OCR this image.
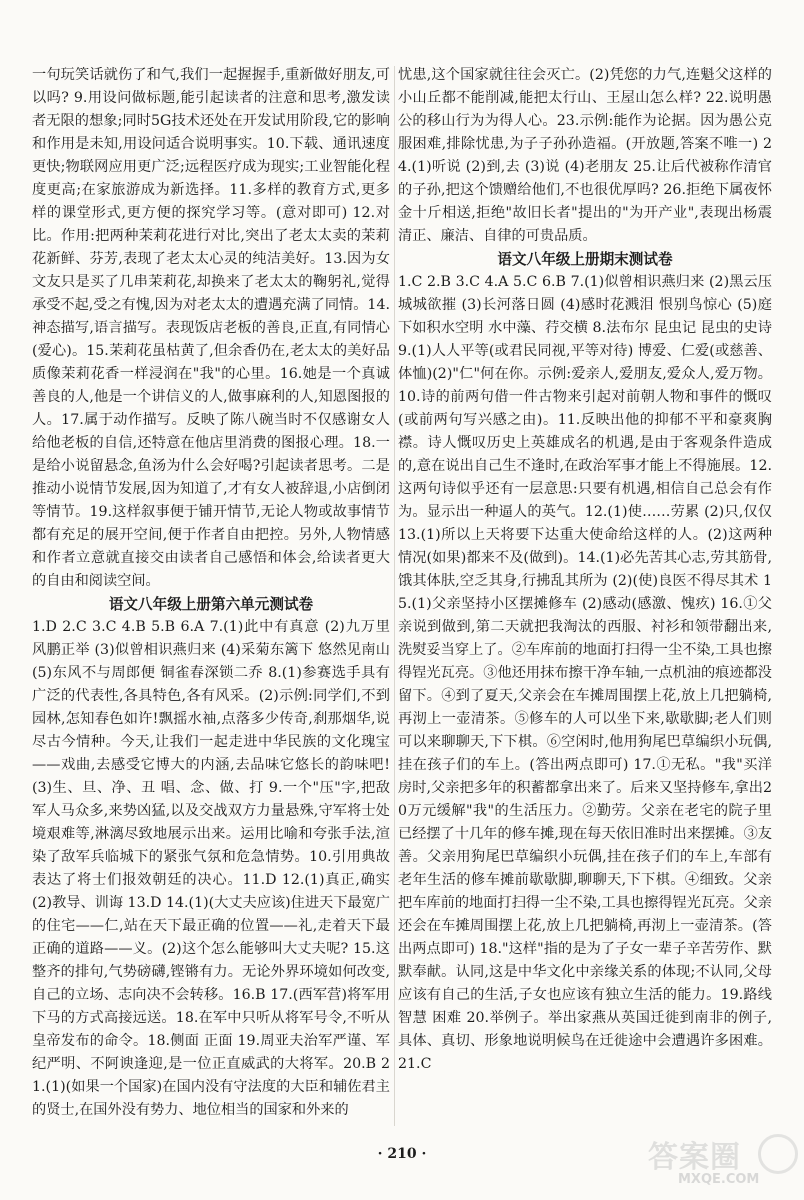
一句玩笑话就伤了和气,我们一起握握手,重新做好朋友,可以吗? 9.用设问做标题,能引起读者的注意和思考,激发读者无限的想象;同时5G技术还处在开发试用阶段,它的影响和作用是未知,用设问适合说明事实。10.下载、通讯速度更快;物联网应用更广泛;远程医疗成为现实;工业智能化程度更高;在家旅游成为新选择。11.多样的教育方式,更多样的课堂形式,更方便的探究学习等。(意对即可) 12.对比。作用:把两种茉莉花进行对比,突出了老太太卖的茉莉花新鲜、芬芳,表现了老太太心灵的纯洁美好。13.因为女文友只是买了几串茉莉花,却换来了老太太的鞠躬礼,觉得承受不起,受之有愧,因为对老太太的遭遇充满了同情。14.神态描写,语言描写。表现饭店老板的善良,正直,有同情心(爱心)。15.茉莉花虽枯黄了,但余香仍在,老太太的美好品质像茉莉花香一样浸润在"我"的心里。16.她是一个真诚善良的人,他是一个讲信义的人,做事麻利的人,知恩图报的人。17.属于动作描写。反映了陈八碗当时不仅感谢女人给他老板的自信,还特意在他店里消费的图报心理。18.一是给小说留悬念,鱼汤为什么会好喝?引起读者思考。二是推动小说情节发展,因为知道了,才有女人被辞退,小店倒闭等情节。19.这样叙事便于铺开情节,无论人物或故事情节都有充足的展开空间,便于作者自由把控。另外,人物情感和作者立意就直接交由读者自己感悟和体会,给读者更大的自由和阅读空间。

语文八年级上册第六单元测试卷

1.D 2.C 3.C 4.B 5.B 6.A 7.(1)此中有真意 (2)九万里风鹏正举 (3)似曾相识燕归来 (4)采菊东篱下 悠然见南山 (5)东风不与周郎便 铜雀春深锁二乔 8.(1)参赛选手具有广泛的代表性,各具特色,各有风采。(2)示例:同学们,不到园林,怎知春色如许!飘摇水袖,点落多少传奇,刹那烟华,说尽古今情种。今天,让我们一起走进中华民族的文化瑰宝——戏曲,去感受它博大的内涵,去品味它悠长的韵味吧!(3)生、旦、净、丑 唱、念、做、打 9.一个"压"字,把敌军人马众多,来势凶猛,以及交战双方力量悬殊,守军将士处境艰难等,淋漓尽致地展示出来。运用比喻和夸张手法,渲染了敌军兵临城下的紧张气氛和危急情势。10.引用典故表达了将士们报效朝廷的决心。11.D 12.(1)真正,确实 (2)教导、训诲 13.D 14.(1)(大丈夫应该)住进天下最宽广的住宅——仁,站在天下最正确的位置——礼,走着天下最正确的道路——义。(2)这个怎么能够叫大丈夫呢? 15.这整齐的排句,气势磅礴,铿锵有力。无论外界环境如何改变,自己的立场、志向决不会转移。16.B 17.(西军营)将军用下马的方式高接远送。18.在军中只听从将军号令,不听从皇帝发布的命令。18.侧面 正面 19.周亚夫治军严谨、军纪严明、不阿谀逢迎,是一位正直威武的大将军。20.B 21.(1)(如果一个国家)在国内没有守法度的大臣和辅佐君主的贤士,在国外没有势力、地位相当的国家和外来的

忧患,这个国家就往往会灭亡。(2)凭您的力气,连魁父这样的小山丘都不能削减,能把太行山、王屋山怎么样? 22.说明愚公的移山行为为得人心。23.示例:能作为论据。因为愚公克服困难,排除忧患,为子子孙孙造福。(开放题,答案不唯一) 24.(1)听说 (2)到,去 (3)说 (4)老朋友 25.让后代被称作清官的子孙,把这个馈赠给他们,不也很优厚吗? 26.拒绝下属夜怀金十斤相送,拒绝"故旧长者"提出的"为开产业",表现出杨震清正、廉洁、自律的可贵品质。

语文八年级上册期末测试卷

1.C 2.B 3.C 4.A 5.C 6.B 7.(1)似曾相识燕归来 (2)黑云压城城欲摧 (3)长河落日圆 (4)感时花溅泪 恨别鸟惊心 (5)庭下如积水空明 水中藻、荇交横 8.法布尔 昆虫记 昆虫的史诗 9.(1)人人平等(或君民同视,平等对待) 博爱、仁爱(或慈善、体恤)(2)"仁"何在你。示例:爱亲人,爱朋友,爱众人,爱万物。10.诗的前两句借一件古物来引起对前朝人物和事件的慨叹(或前两句写兴感之由)。11.反映出他的抑郁不平和豪爽胸襟。诗人慨叹历史上英雄成名的机遇,是由于客观条件造成的,意在说出自己生不逢时,在政治军事才能上不得施展。12.这两句诗似乎还有一层意思:只要有机遇,相信自己总会有作为。显示出一种逼人的英气。12.(1)使……劳累 (2)只,仅仅 13.(1)所以上天将要下达重大使命给这样的人。(2)这两种情况(如果)都来不及(做到)。14.(1)必先苦其心志,劳其筋骨,饿其体肤,空乏其身,行拂乱其所为 (2)(使)良医不得尽其术 15.(1)父亲坚持小区摆摊修车 (2)感动(感激、愧疚) 16.①父亲说到做到,第二天就把我淘汰的西服、衬衫和领带翻出来,洗熨妥当穿上了。②车库前的地面打扫得一尘不染,工具也擦得锃光瓦亮。③他还用抹布擦干净车轴,一点机油的痕迹都没留下。④到了夏天,父亲会在车摊周围摆上花,放上几把躺椅,再沏上一壶清茶。⑤修车的人可以坐下来,歇歇脚;老人们则可以来聊聊天,下下棋。⑥空闲时,他用狗尾巴草编织小玩偶,挂在孩子们的车上。(答出两点即可) 17.①无私。"我"买洋房时,父亲把多年的积蓄都拿出来了。后来又坚持修车,拿出20万元缓解"我"的生活压力。②勤劳。父亲在老宅的院子里已经摆了十几年的修车摊,现在每天依旧准时出来摆摊。③友善。父亲用狗尾巴草编织小玩偶,挂在孩子们的车上,车部有老年生活的修车摊前歇歇脚,聊聊天,下下棋。④细致。父亲把车库前的地面打扫得一尘不染,工具也擦得锃光瓦亮。父亲还会在车摊周围摆上花,放上几把躺椅,再沏上一壶清茶。(答出两点即可) 18."这样"指的是为了子女一辈子辛苦劳作、默默奉献。认同,这是中华文化中亲缘关系的体现;不认同,父母应该有自己的生活,子女也应该有独立生活的能力。19.路线 智慧 困难 20.举例子。举出家燕从英国迁徙到南非的例子,具体、真切、形象地说明候鸟在迁徙途中会遭遇许多困难。21.C

· 210 ·	答案圈
MXQE.COM
